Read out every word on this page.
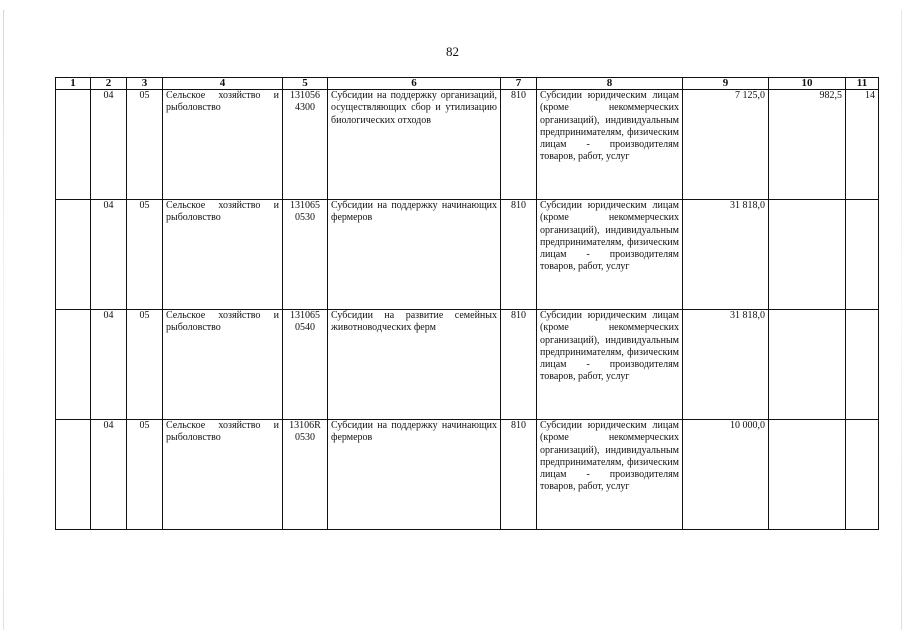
82
1	2	3	4	5	6	7	8	9	10	11
	04	05	Сельское хозяйство и рыболовство	131056 4300	Субсидии на поддержку организаций, осуществляющих сбор и утилизацию биологических отходов	810	Субсидии юридическим лицам (кроме некоммерческих организаций), индивидуальным предпринимателям, физическим лицам - производителям товаров, работ, услуг	7 125,0	982,5	14
	04	05	Сельское хозяйство и рыболовство	131065 0530	Субсидии на поддержку начинающих фермеров	810	Субсидии юридическим лицам (кроме некоммерческих организаций), индивидуальным предпринимателям, физическим лицам - производителям товаров, работ, услуг	31 818,0		
	04	05	Сельское хозяйство и рыболовство	131065 0540	Субсидии на развитие семейных животноводческих ферм	810	Субсидии юридическим лицам (кроме некоммерческих организаций), индивидуальным предпринимателям, физическим лицам - производителям товаров, работ, услуг	31 818,0		
	04	05	Сельское хозяйство и рыболовство	13106R 0530	Субсидии на поддержку начинающих фермеров	810	Субсидии юридическим лицам (кроме некоммерческих организаций), индивидуальным предпринимателям, физическим лицам - производителям товаров, работ, услуг	10 000,0		
